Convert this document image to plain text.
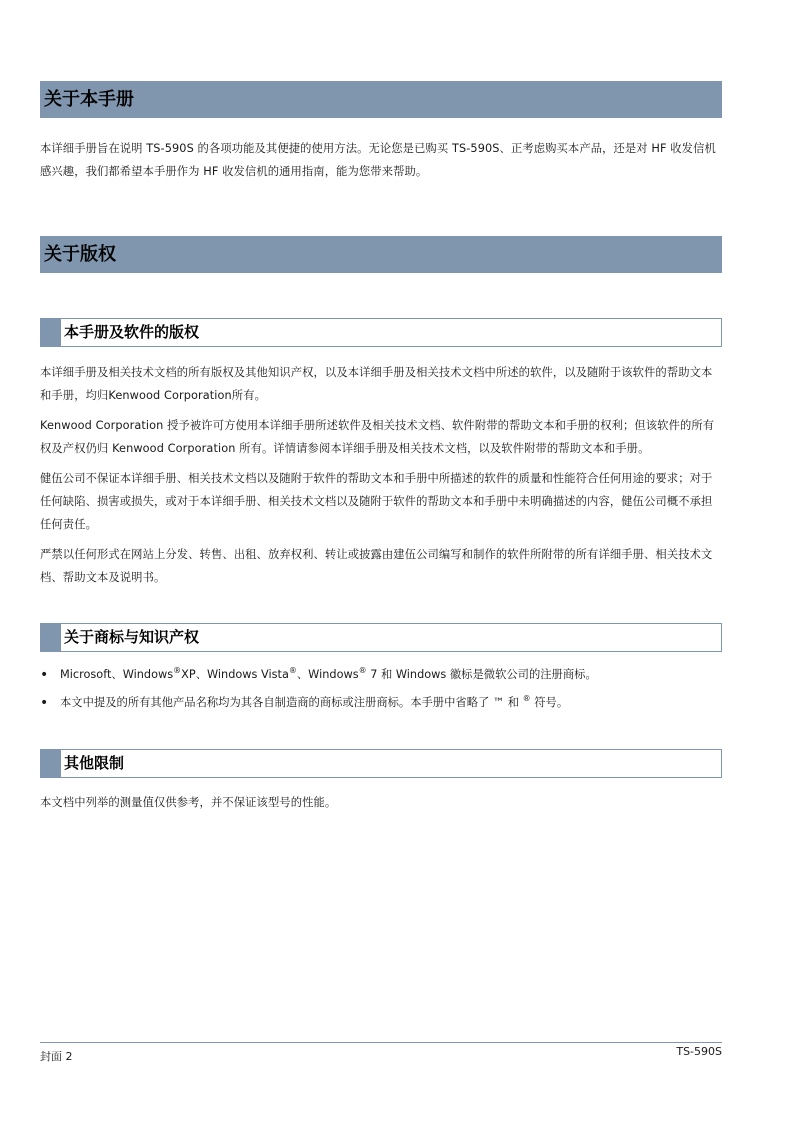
关于本手册

本详细手册旨在说明 TS-590S 的各项功能及其便捷的使用方法。无论您是已购买 TS-590S、正考虑购买本产品，还是对 HF 收发信机感兴趣，我们都希望本手册作为 HF 收发信机的通用指南，能为您带来帮助。

关于版权
本手册及软件的版权

本详细手册及相关技术文档的所有版权及其他知识产权，以及本详细手册及相关技术文档中所述的软件，以及随附于该软件的帮助文本和手册，均归Kenwood Corporation所有。

Kenwood Corporation 授予被许可方使用本详细手册所述软件及相关技术文档、软件附带的帮助文本和手册的权利；但该软件的所有权及产权仍归 Kenwood Corporation 所有。详情请参阅本详细手册及相关技术文档，以及软件附带的帮助文本和手册。

健伍公司不保证本详细手册、相关技术文档以及随附于软件的帮助文本和手册中所描述的软件的质量和性能符合任何用途的要求；对于任何缺陷、损害或损失，或对于本详细手册、相关技术文档以及随附于软件的帮助文本和手册中未明确描述的内容，健伍公司概不承担任何责任。

严禁以任何形式在网站上分发、转售、出租、放弃权利、转让或披露由建伍公司编写和制作的软件所附带的所有详细手册、相关技术文档、帮助文本及说明书。

关于商标与知识产权
• Microsoft、Windows®XP、Windows Vista®、Windows® 7 和 Windows 徽标是微软公司的注册商标。
• 本文中提及的所有其他产品名称均为其各自制造商的商标或注册商标。本手册中省略了 ™ 和 ® 符号。
其他限制

本文档中列举的测量值仅供参考，并不保证该型号的性能。

封面 2	TS-590S
